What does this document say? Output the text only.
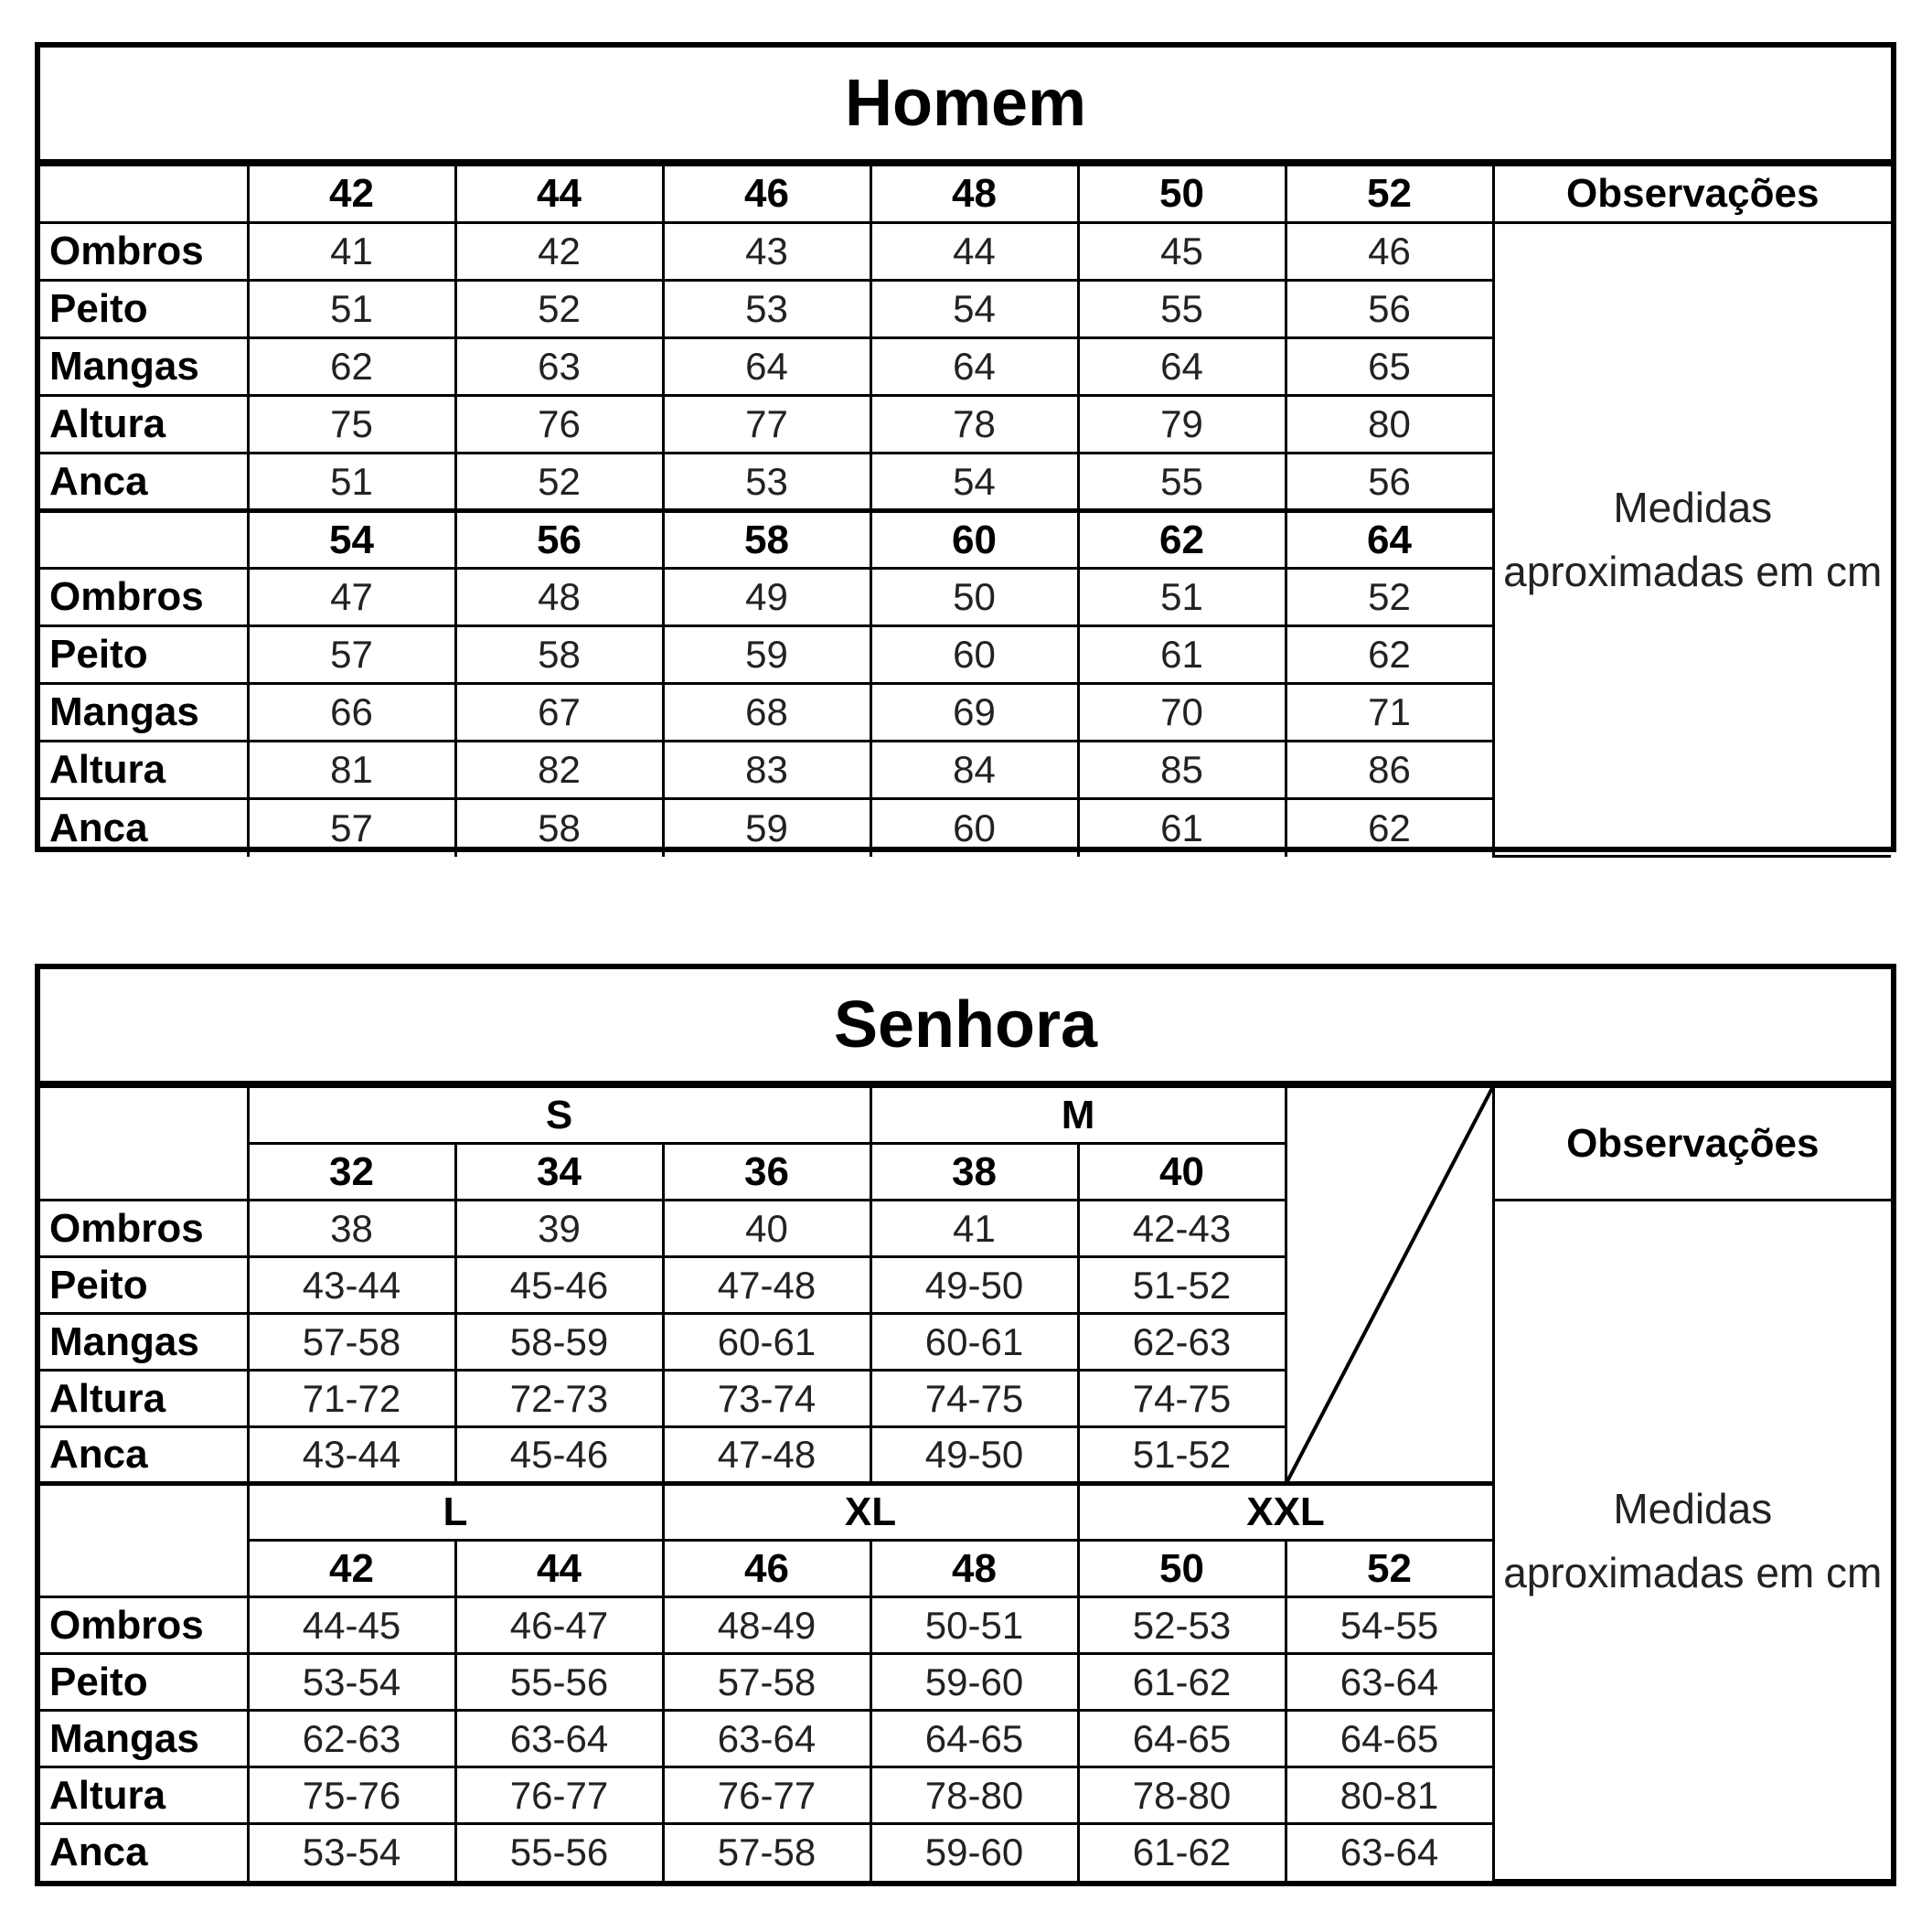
Homem
	42	44	46	48	50	52	Observações
Ombros	41	42	43	44	45	46	Medidas aproximadas em cm
Peito	51	52	53	54	55	56	
Mangas	62	63	64	64	64	65	
Altura	75	76	77	78	79	80	
Anca	51	52	53	54	55	56	
	54	56	58	60	62	64	
Ombros	47	48	49	50	51	52	
Peito	57	58	59	60	61	62	
Mangas	66	67	68	69	70	71	
Altura	81	82	83	84	85	86	
Anca	57	58	59	60	61	62	
Senhora
	S			M			Observações
	32	34	36	38	40		
Ombros	38	39	40	41	42-43		Medidas aproximadas em cm
Peito	43-44	45-46	47-48	49-50	51-52		
Mangas	57-58	58-59	60-61	60-61	62-63		
Altura	71-72	72-73	73-74	74-75	74-75		
Anca	43-44	45-46	47-48	49-50	51-52		
	L		XL		XXL		
	42	44	46	48	50	52	
Ombros	44-45	46-47	48-49	50-51	52-53	54-55	
Peito	53-54	55-56	57-58	59-60	61-62	63-64	
Mangas	62-63	63-64	63-64	64-65	64-65	64-65	
Altura	75-76	76-77	76-77	78-80	78-80	80-81	
Anca	53-54	55-56	57-58	59-60	61-62	63-64	
